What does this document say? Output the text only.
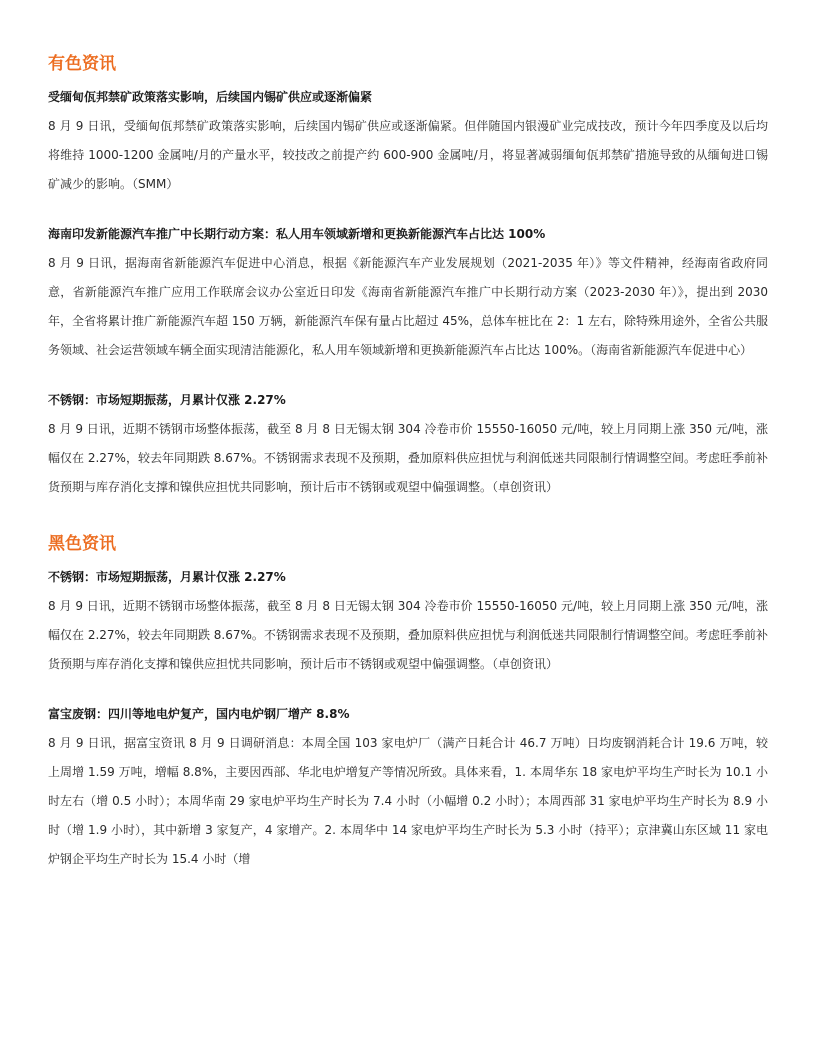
有色资讯
受缅甸佤邦禁矿政策落实影响，后续国内锡矿供应或逐渐偏紧

8 月 9 日讯，受缅甸佤邦禁矿政策落实影响，后续国内锡矿供应或逐渐偏紧。但伴随国内银漫矿业完成技改，预计今年四季度及以后均将维持 1000-1200 金属吨/月的产量水平，较技改之前提产约 600-900 金属吨/月，将显著减弱缅甸佤邦禁矿措施导致的从缅甸进口锡矿减少的影响。（SMM）

海南印发新能源汽车推广中长期行动方案：私人用车领域新增和更换新能源汽车占比达 100%

8 月 9 日讯，据海南省新能源汽车促进中心消息，根据《新能源汽车产业发展规划（2021-2035 年）》等文件精神，经海南省政府同意，省新能源汽车推广应用工作联席会议办公室近日印发《海南省新能源汽车推广中长期行动方案（2023-2030 年）》，提出到 2030 年，全省将累计推广新能源汽车超 150 万辆，新能源汽车保有量占比超过 45%，总体车桩比在 2：1 左右，除特殊用途外，全省公共服务领域、社会运营领域车辆全面实现清洁能源化，私人用车领域新增和更换新能源汽车占比达 100%。（海南省新能源汽车促进中心）

不锈钢：市场短期振荡，月累计仅涨 2.27%

8 月 9 日讯，近期不锈钢市场整体振荡，截至 8 月 8 日无锡太钢 304 冷卷市价 15550-16050 元/吨，较上月同期上涨 350 元/吨，涨幅仅在 2.27%，较去年同期跌 8.67%。不锈钢需求表现不及预期，叠加原料供应担忧与利润低迷共同限制行情调整空间。考虑旺季前补货预期与库存消化支撑和镍供应担忧共同影响，预计后市不锈钢或观望中偏强调整。（卓创资讯）

黑色资讯
不锈钢：市场短期振荡，月累计仅涨 2.27%

8 月 9 日讯，近期不锈钢市场整体振荡，截至 8 月 8 日无锡太钢 304 冷卷市价 15550-16050 元/吨，较上月同期上涨 350 元/吨，涨幅仅在 2.27%，较去年同期跌 8.67%。不锈钢需求表现不及预期，叠加原料供应担忧与利润低迷共同限制行情调整空间。考虑旺季前补货预期与库存消化支撑和镍供应担忧共同影响，预计后市不锈钢或观望中偏强调整。（卓创资讯）

富宝废钢：四川等地电炉复产，国内电炉钢厂增产 8.8%

8 月 9 日讯，据富宝资讯 8 月 9 日调研消息：本周全国 103 家电炉厂（满产日耗合计 46.7 万吨）日均废钢消耗合计 19.6 万吨，较上周增 1.59 万吨，增幅 8.8%，主要因西部、华北电炉增复产等情况所致。具体来看，1. 本周华东 18 家电炉平均生产时长为 10.1 小时左右（增 0.5 小时）；本周华南 29 家电炉平均生产时长为 7.4 小时（小幅增 0.2 小时）；本周西部 31 家电炉平均生产时长为 8.9 小时（增 1.9 小时），其中新增 3 家复产，4 家增产。2. 本周华中 14 家电炉平均生产时长为 5.3 小时（持平）；京津冀山东区域 11 家电炉钢企平均生产时长为 15.4 小时（增
